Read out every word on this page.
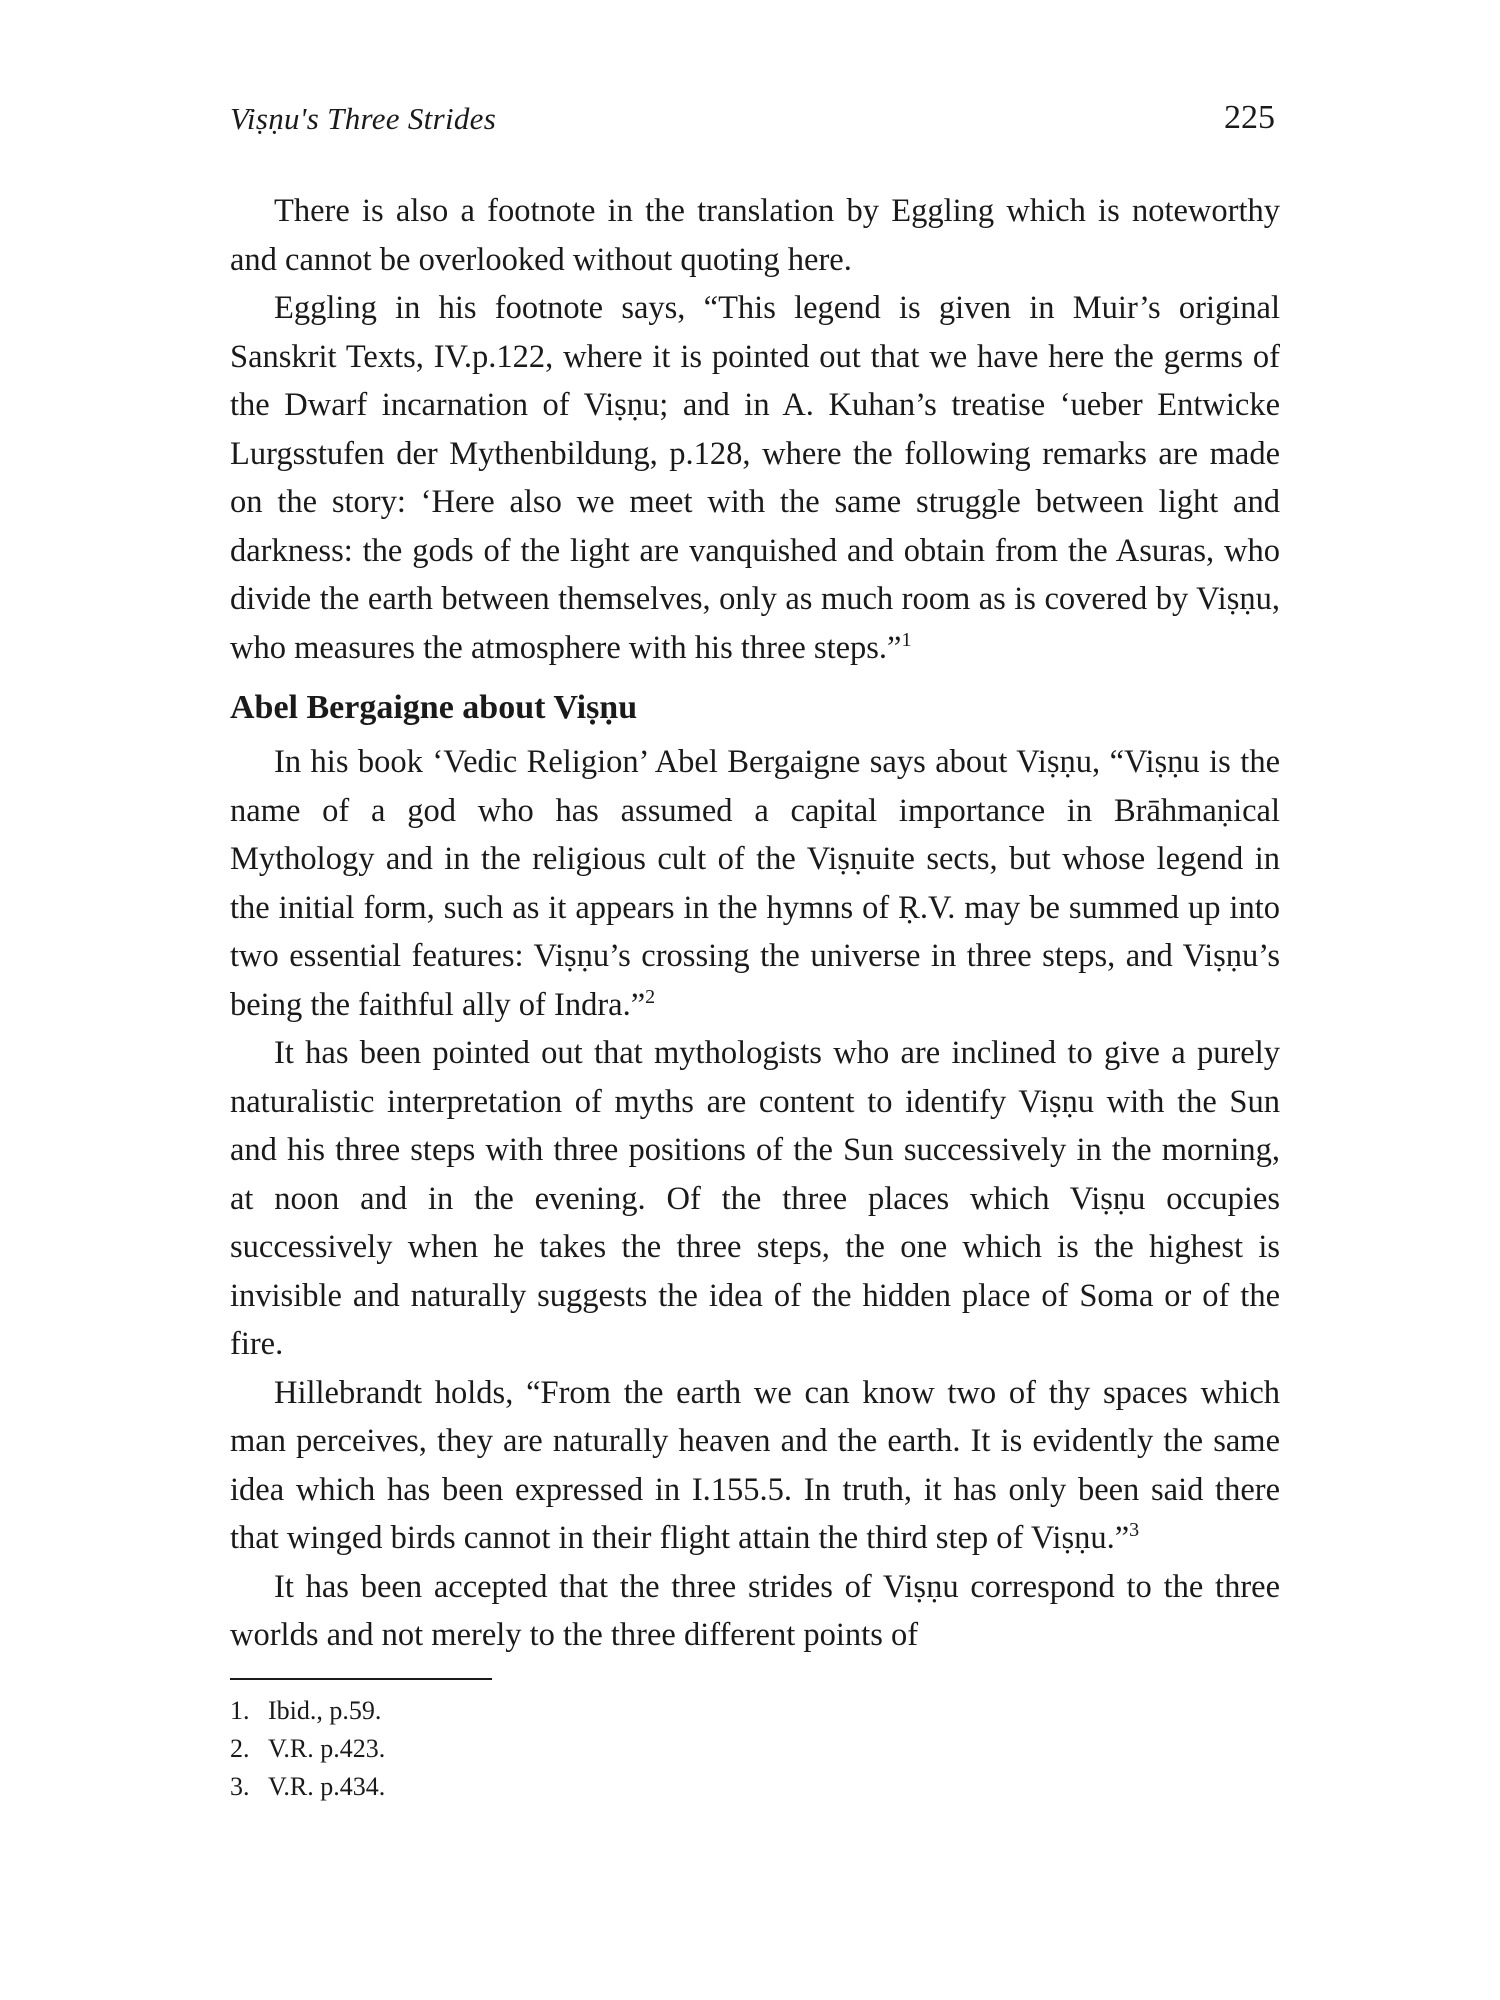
Viṣṇu's Three Strides	225

There is also a footnote in the translation by Eggling which is noteworthy and cannot be overlooked without quoting here.

Eggling in his footnote says, “This legend is given in Muir’s original Sanskrit Texts, IV.p.122, where it is pointed out that we have here the germs of the Dwarf incarnation of Viṣṇu; and in A. Kuhan’s treatise ‘ueber Entwicke Lurgsstufen der Mythenbildung, p.128, where the following remarks are made on the story: ‘Here also we meet with the same struggle between light and darkness: the gods of the light are vanquished and obtain from the Asuras, who divide the earth between themselves, only as much room as is covered by Viṣṇu, who measures the atmosphere with his three steps.”$^1$

Abel Bergaigne about Viṣṇu

In his book ‘Vedic Religion’ Abel Bergaigne says about Viṣṇu, “Viṣṇu is the name of a god who has assumed a capital importance in Brāhmaṇical Mythology and in the religious cult of the Viṣṇuite sects, but whose legend in the initial form, such as it appears in the hymns of Ṛ.V. may be summed up into two essential features: Viṣṇu’s crossing the universe in three steps, and Viṣṇu’s being the faithful ally of Indra.”$^2$

It has been pointed out that mythologists who are inclined to give a purely naturalistic interpretation of myths are content to identify Viṣṇu with the Sun and his three steps with three positions of the Sun successively in the morning, at noon and in the evening. Of the three places which Viṣṇu occupies successively when he takes the three steps, the one which is the highest is invisible and naturally suggests the idea of the hidden place of Soma or of the fire.

Hillebrandt holds, “From the earth we can know two of thy spaces which man perceives, they are naturally heaven and the earth. It is evidently the same idea which has been expressed in I.155.5. In truth, it has only been said there that winged birds cannot in their flight attain the third step of Viṣṇu.”$^3$

It has been accepted that the three strides of Viṣṇu correspond to the three worlds and not merely to the three different points of

1. Ibid., p.59.
2. V.R. p.423.
3. V.R. p.434.
